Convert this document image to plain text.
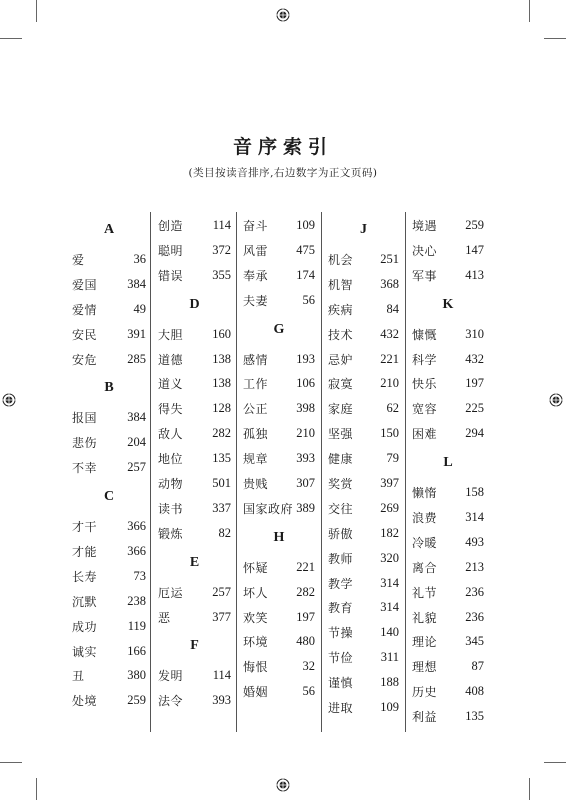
音序索引
(类目按读音排序,右边数字为正文页码)
A
爱	36
爱国 384
爱情	49
安民 391
安危 285
B
报国 384
悲伤 204
不幸 257
C
才干 366
才能 366
长寿	73
沉默 238
成功 119
诚实 166
丑	380
处境 259
创造 114
聪明 372
错误 355
D
大胆 160
道德 138
道义 138
得失 128
敌人 282
地位 135
动物 501
读书 337
锻炼	82
E
厄运 257
恶	377
F
发明 114
法令 393
奋斗 109
风雷 475
奉承 174
夫妻	56
G
感情 193
工作 106
公正 398
孤独 210
规章 393
贵贱 307
国家政府 389
H
怀疑 221
坏人 282
欢笑 197
环境 480
悔恨	32
婚姻	56
J
机会 251
机智 368
疾病	84
技术 432
忌妒 221
寂寞 210
家庭	62
坚强 150
健康	79
奖赏 397
交往 269
骄傲 182
教师 320
教学 314
教育 314
节操 140
节俭 311
谨慎 188
进取 109
境遇 259
决心 147
军事 413
K
慷慨 310
科学 432
快乐 197
宽容 225
困难 294
L
懒惰 158
浪费 314
冷暖 493
离合 213
礼节 236
礼貌 236
理论 345
理想	87
历史 408
利益 135
